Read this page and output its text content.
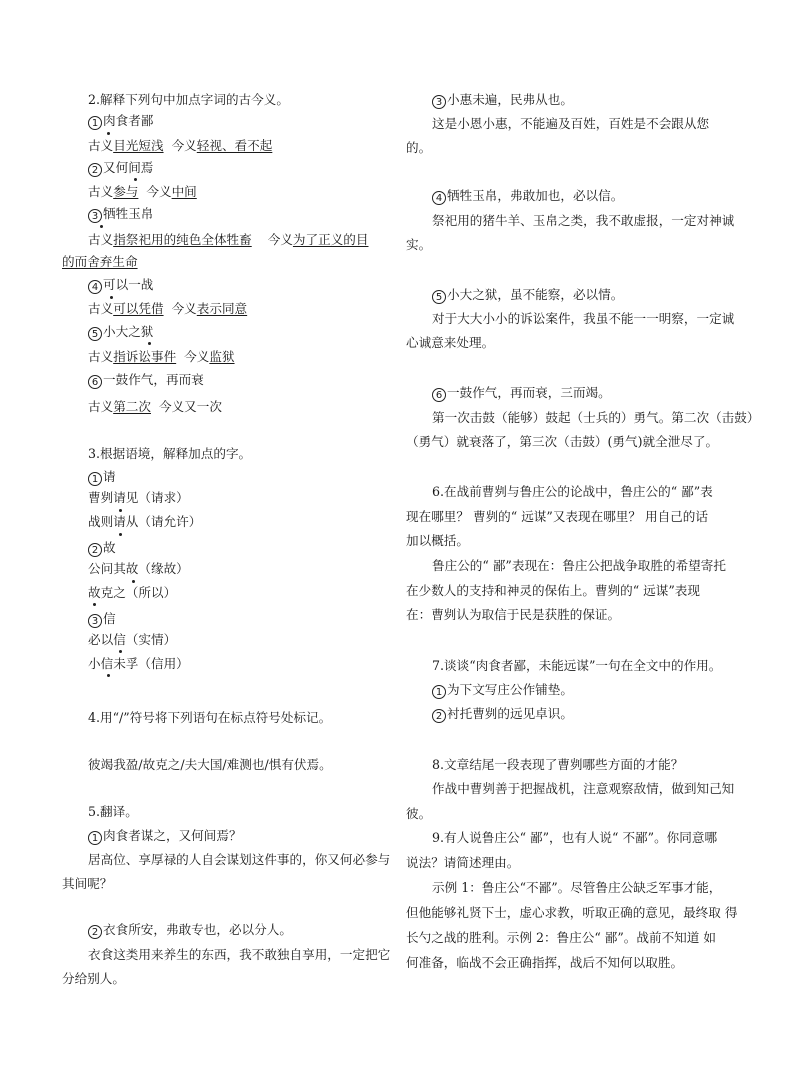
2.解释下列句中加点字词的古今义。
1 肉食者鄙
古义目光短浅  今义轻视、看不起
2 又何间焉
古义参与  今义中间
3 牺牲玉帛
古义指祭祀用的纯色全体牲畜    今义为了正义的目
的而舍弃生命
4 可以一战
古义可以凭借  今义表示同意
5 小大之狱
古义指诉讼事件  今义监狱
6 一鼓作气，再而衰
古义第二次  今义又一次
3.根据语境，解释加点的字。
1 请
曹刿请见（请求）
战则请从（请允许）
2 故
公问其故（缘故）
故克之（所以）
3 信
必以信（实情）
小信未孚（信用）
4.用“/”符号将下列语句在标点符号处标记。
彼竭我盈/故克之/夫大国/难测也/惧有伏焉。
5.翻译。
1 肉食者谋之，又何间焉？
居高位、享厚禄的人自会谋划这件事的，你又何必参与
其间呢？
2 衣食所安，弗敢专也，必以分人。
衣食这类用来养生的东西，我不敢独自享用，一定把它
分给别人。
3 小惠未遍，民弗从也。
这是小恩小惠，不能遍及百姓，百姓是不会跟从您
的。
4 牺牲玉帛，弗敢加也，必以信。
祭祀用的猪牛羊、玉帛之类，我不敢虚报，一定对神诚
实。
5 小大之狱，虽不能察，必以情。
对于大大小小的诉讼案件，我虽不能一一明察，一定诚
心诚意来处理。
6 一鼓作气，再而衰，三而竭。
第一次击鼓（能够）鼓起（士兵的）勇气。第二次（击鼓）
（勇气）就衰落了，第三次（击鼓）(勇气)就全泄尽了。
6.在战前曹刿与鲁庄公的论战中，鲁庄公的“ 鄙”表
现在哪里？ 曹刿的“ 远谋”又表现在哪里？ 用自己的话
加以概括。
鲁庄公的“ 鄙”表现在：鲁庄公把战争取胜的希望寄托
在少数人的支持和神灵的保佑上。曹刿的“ 远谋”表现
在：曹刿认为取信于民是获胜的保证。
7.谈谈“肉食者鄙，未能远谋”一句在全文中的作用。
1 为下文写庄公作铺垫。
2 衬托曹刿的远见卓识。
8.文章结尾一段表现了曹刿哪些方面的才能？
作战中曹刿善于把握战机，注意观察敌情，做到知己知
彼。
9.有人说鲁庄公“ 鄙”，也有人说“ 不鄙”。你同意哪
说法？请简述理由。
示例 1：鲁庄公“不鄙”。尽管鲁庄公缺乏军事才能，
但他能够礼贤下士，虚心求教，听取正确的意见，最终取 得
长勺之战的胜利。示例 2：鲁庄公“ 鄙”。战前不知道 如
何准备，临战不会正确指挥，战后不知何以取胜。
